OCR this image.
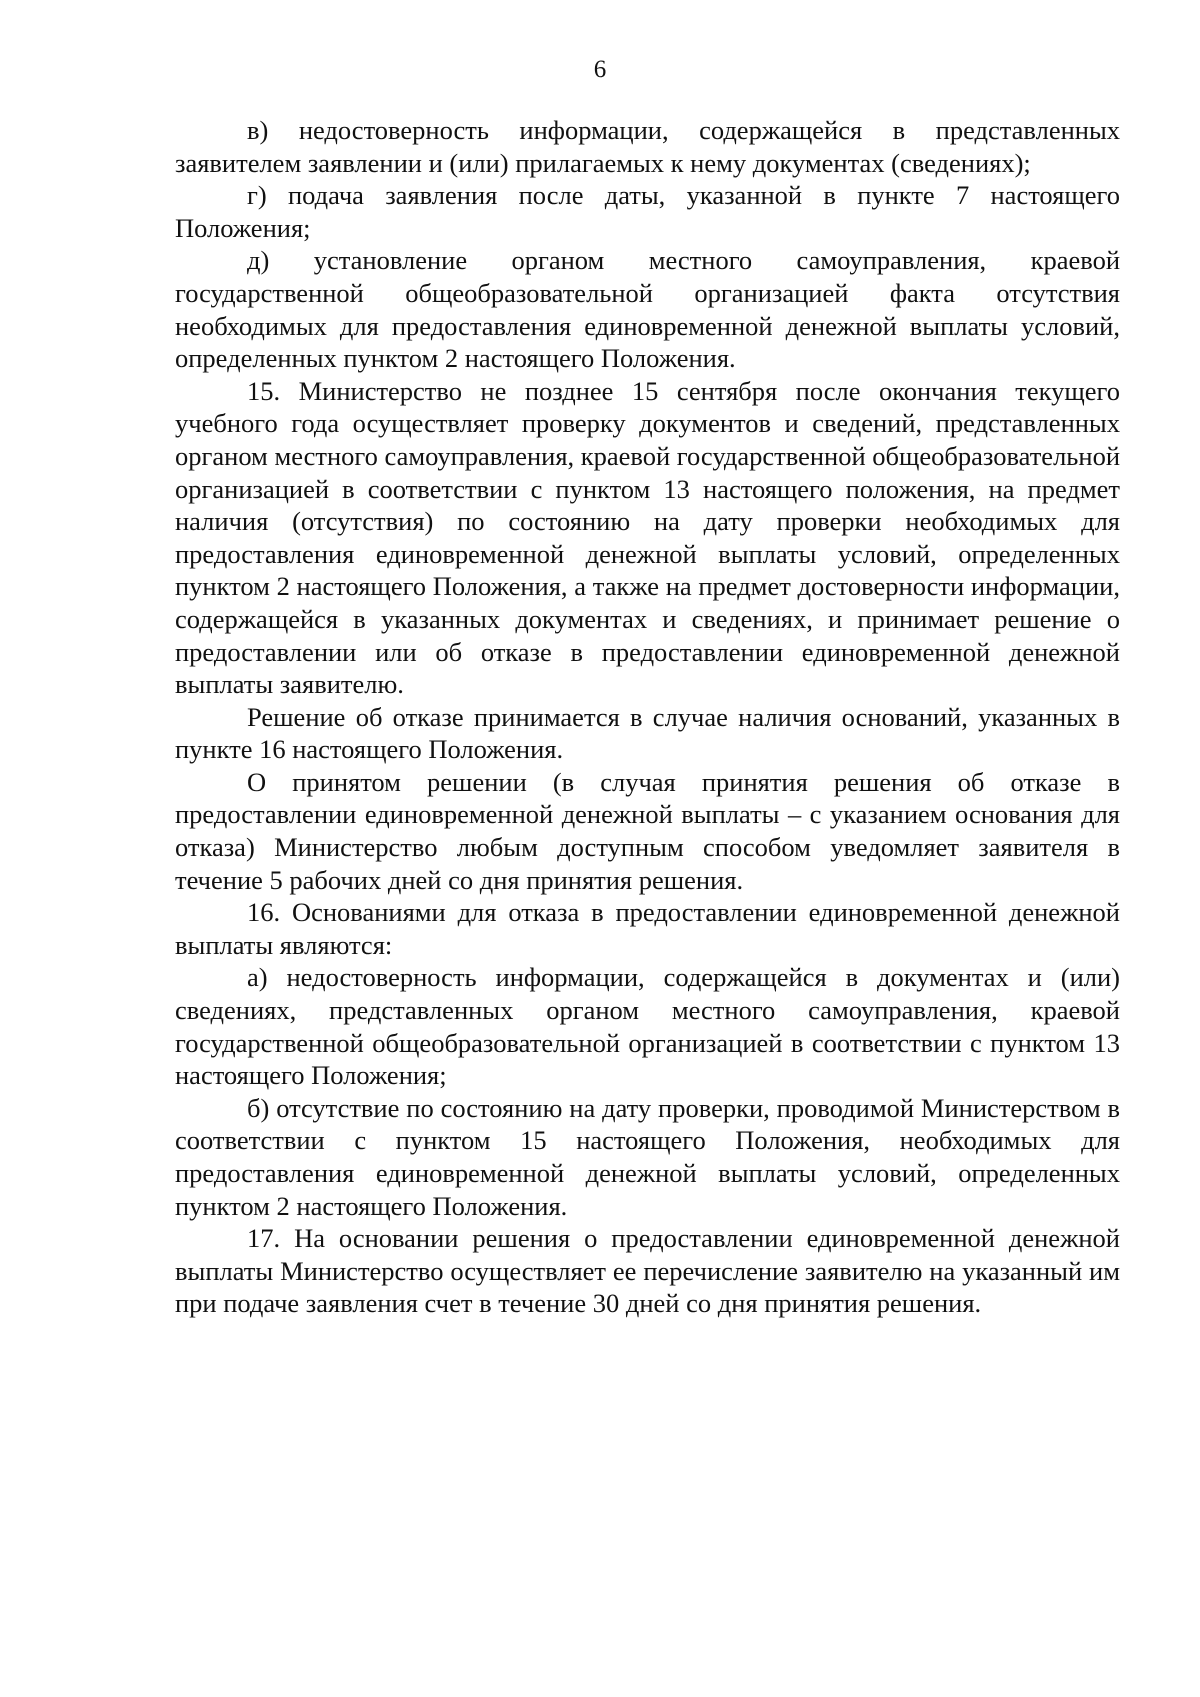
6

в) недостоверность информации, содержащейся в представленных заявителем заявлении и (или) прилагаемых к нему документах (сведениях);

г) подача заявления после даты, указанной в пункте 7 настоящего Положения;

д) установление органом местного самоуправления, краевой государственной общеобразовательной организацией факта отсутствия необходимых для предоставления единовременной денежной выплаты условий, определенных пунктом 2 настоящего Положения.

15. Министерство не позднее 15 сентября после окончания текущего учебного года осуществляет проверку документов и сведений, представленных органом местного самоуправления, краевой государственной общеобразовательной организацией в соответствии с пунктом 13 настоящего положения, на предмет наличия (отсутствия) по состоянию на дату проверки необходимых для предоставления единовременной денежной выплаты условий, определенных пунктом 2 настоящего Положения, а также на предмет достоверности информации, содержащейся в указанных документах и сведениях, и принимает решение о предоставлении или об отказе в предоставлении единовременной денежной выплаты заявителю.

Решение об отказе принимается в случае наличия оснований, указанных в пункте 16 настоящего Положения.

О принятом решении (в случая принятия решения об отказе в предоставлении единовременной денежной выплаты – с указанием основания для отказа) Министерство любым доступным способом уведомляет заявителя в течение 5 рабочих дней со дня принятия решения.

16. Основаниями для отказа в предоставлении единовременной денежной выплаты являются:

а) недостоверность информации, содержащейся в документах и (или) сведениях, представленных органом местного самоуправления, краевой государственной общеобразовательной организацией в соответствии с пунктом 13 настоящего Положения;

б) отсутствие по состоянию на дату проверки, проводимой Министерством в соответствии с пунктом 15 настоящего Положения, необходимых для предоставления единовременной денежной выплаты условий, определенных пунктом 2 настоящего Положения.

17. На основании решения о предоставлении единовременной денежной выплаты Министерство осуществляет ее перечисление заявителю на указанный им при подаче заявления счет в течение 30 дней со дня принятия решения.
